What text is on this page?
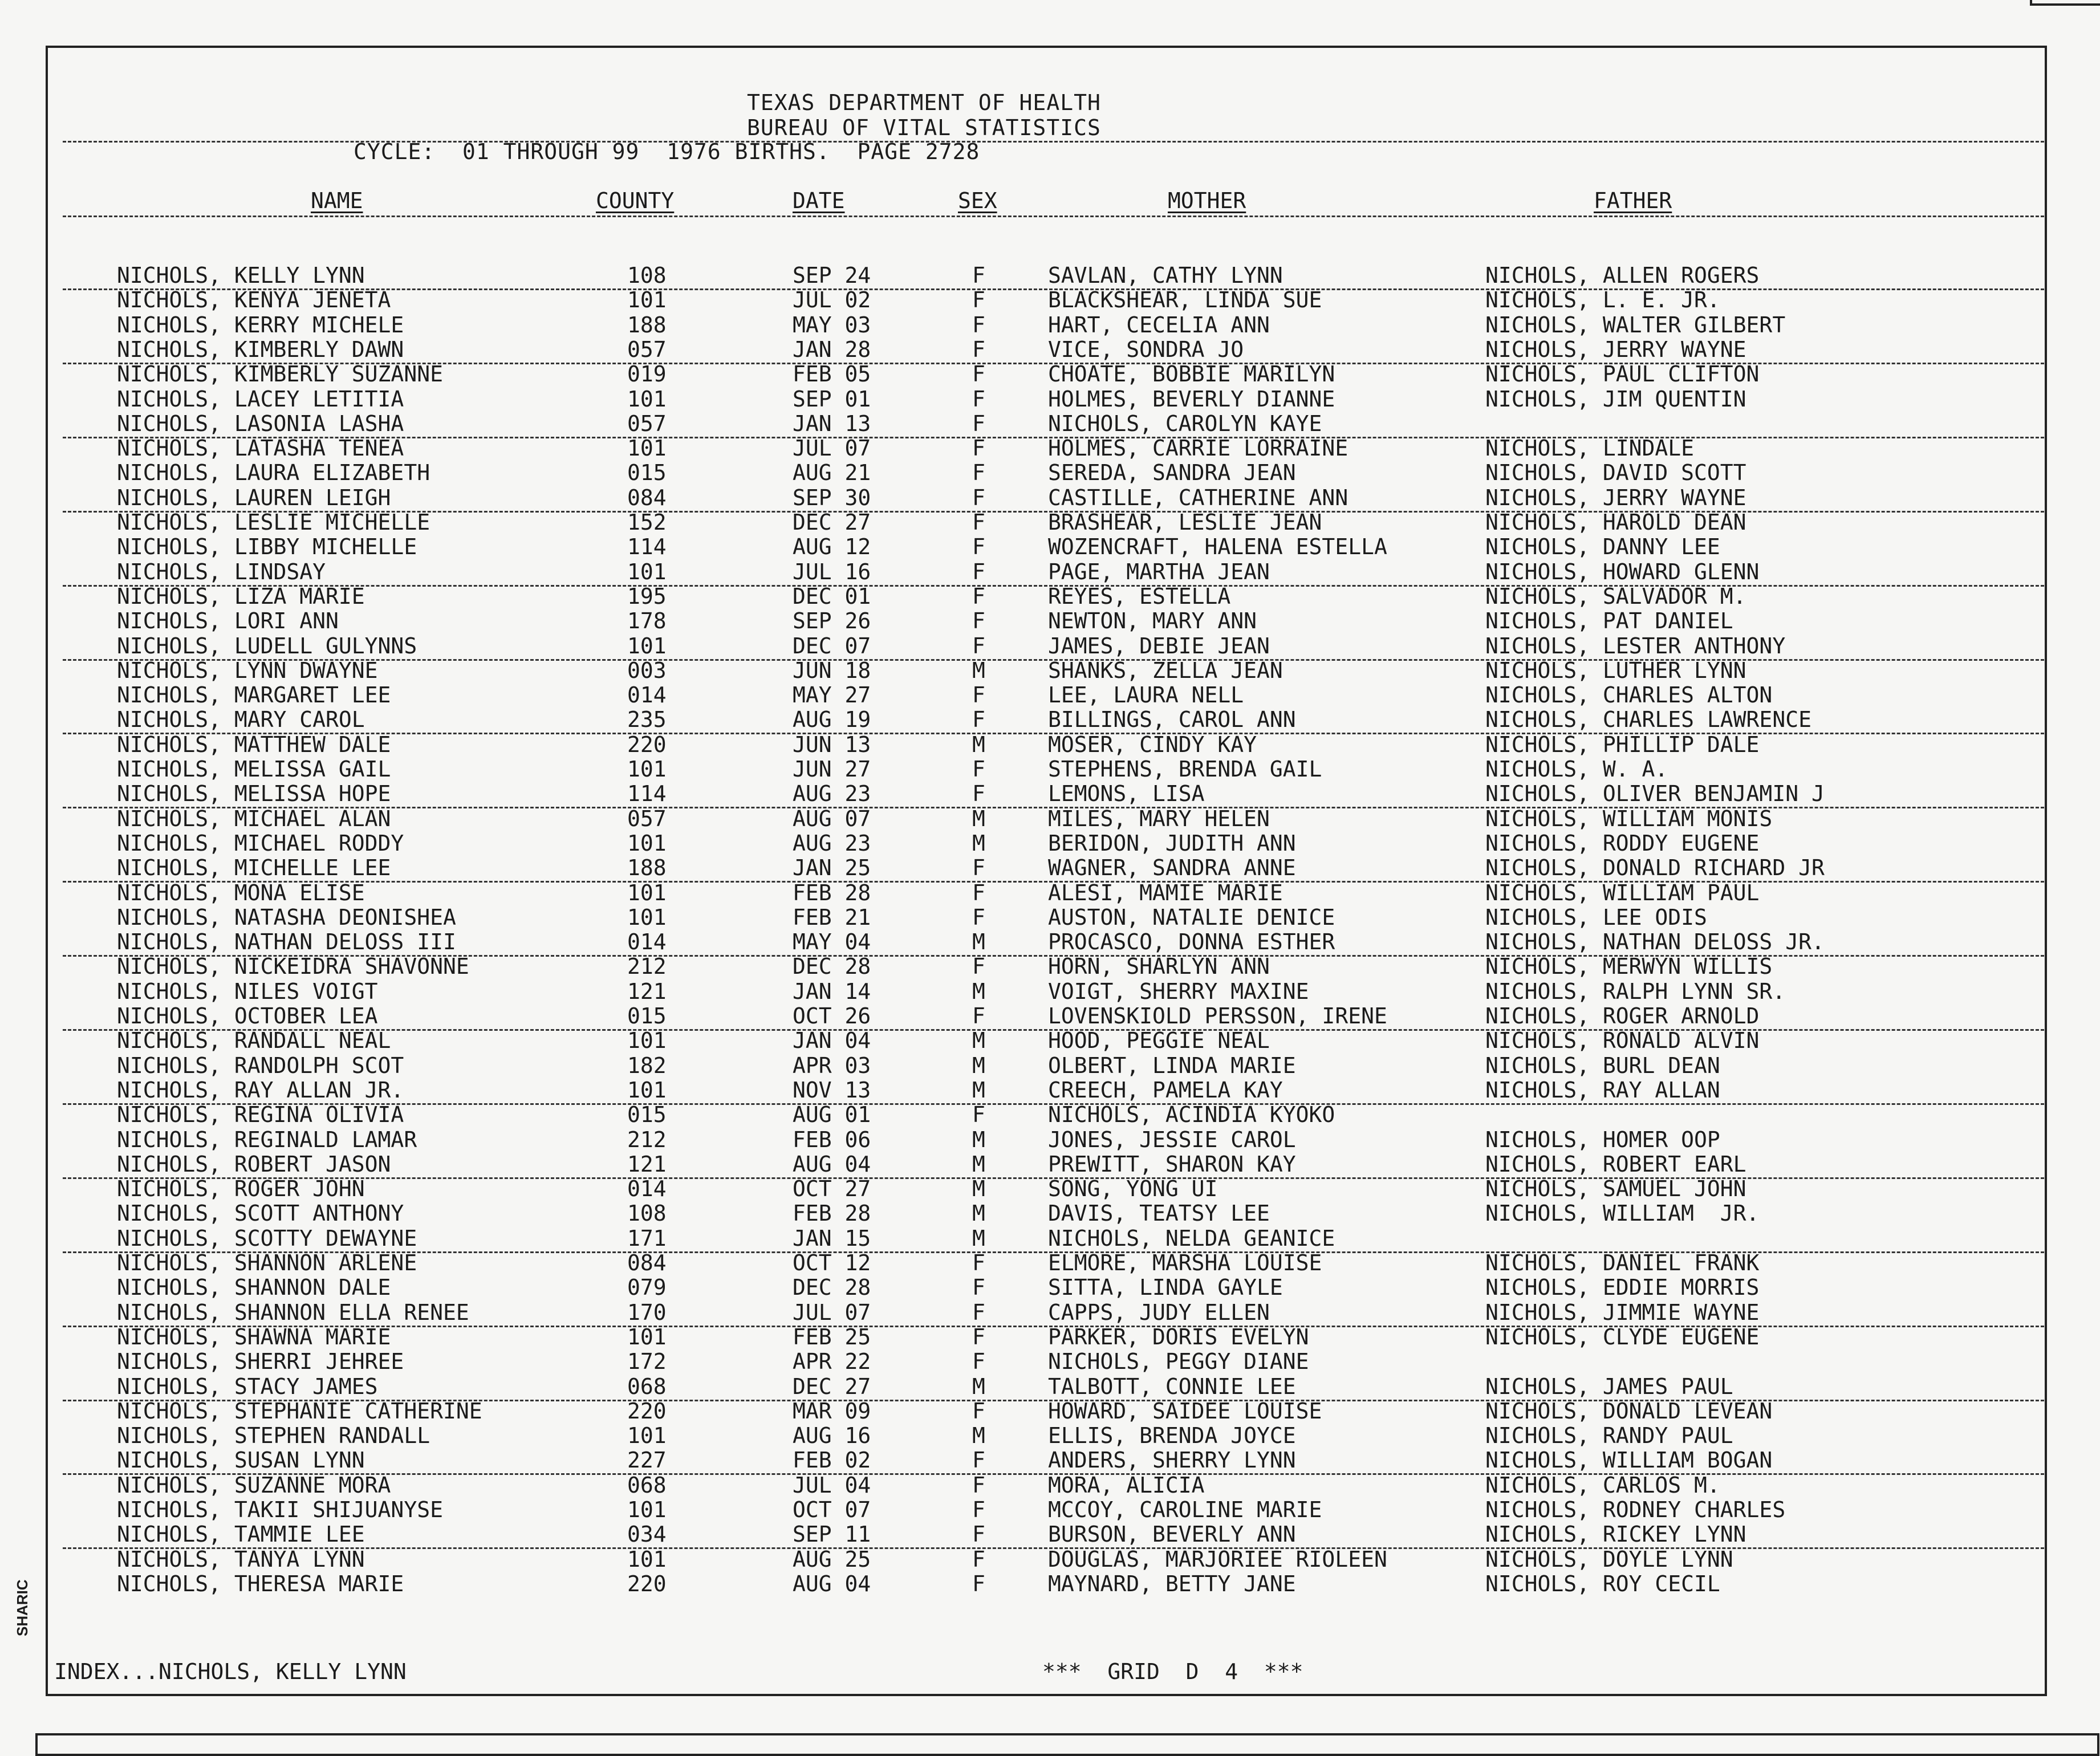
SHARIC
TEXAS DEPARTMENT OF HEALTH
BUREAU OF VITAL STATISTICS
CYCLE:  01 THROUGH 99  1976 BIRTHS.  PAGE 2728
NAME	COUNTY	DATE	SEX	MOTHER	FATHER
NICHOLS, KELLY LYNN	108	SEP 24	F	SAVLAN, CATHY LYNN	NICHOLS, ALLEN ROGERS
NICHOLS, KENYA JENETA	101	JUL 02	F	BLACKSHEAR, LINDA SUE	NICHOLS, L. E. JR.
NICHOLS, KERRY MICHELE	188	MAY 03	F	HART, CECELIA ANN	NICHOLS, WALTER GILBERT
NICHOLS, KIMBERLY DAWN	057	JAN 28	F	VICE, SONDRA JO	NICHOLS, JERRY WAYNE
NICHOLS, KIMBERLY SUZANNE	019	FEB 05	F	CHOATE, BOBBIE MARILYN	NICHOLS, PAUL CLIFTON
NICHOLS, LACEY LETITIA	101	SEP 01	F	HOLMES, BEVERLY DIANNE	NICHOLS, JIM QUENTIN
NICHOLS, LASONIA LASHA	057	JAN 13	F	NICHOLS, CAROLYN KAYE
NICHOLS, LATASHA TENEA	101	JUL 07	F	HOLMES, CARRIE LORRAINE	NICHOLS, LINDALE
NICHOLS, LAURA ELIZABETH	015	AUG 21	F	SEREDA, SANDRA JEAN	NICHOLS, DAVID SCOTT
NICHOLS, LAUREN LEIGH	084	SEP 30	F	CASTILLE, CATHERINE ANN	NICHOLS, JERRY WAYNE
NICHOLS, LESLIE MICHELLE	152	DEC 27	F	BRASHEAR, LESLIE JEAN	NICHOLS, HAROLD DEAN
NICHOLS, LIBBY MICHELLE	114	AUG 12	F	WOZENCRAFT, HALENA ESTELLA	NICHOLS, DANNY LEE
NICHOLS, LINDSAY	101	JUL 16	F	PAGE, MARTHA JEAN	NICHOLS, HOWARD GLENN
NICHOLS, LIZA MARIE	195	DEC 01	F	REYES, ESTELLA	NICHOLS, SALVADOR M.
NICHOLS, LORI ANN	178	SEP 26	F	NEWTON, MARY ANN	NICHOLS, PAT DANIEL
NICHOLS, LUDELL GULYNNS	101	DEC 07	F	JAMES, DEBIE JEAN	NICHOLS, LESTER ANTHONY
NICHOLS, LYNN DWAYNE	003	JUN 18	M	SHANKS, ZELLA JEAN	NICHOLS, LUTHER LYNN
NICHOLS, MARGARET LEE	014	MAY 27	F	LEE, LAURA NELL	NICHOLS, CHARLES ALTON
NICHOLS, MARY CAROL	235	AUG 19	F	BILLINGS, CAROL ANN	NICHOLS, CHARLES LAWRENCE
NICHOLS, MATTHEW DALE	220	JUN 13	M	MOSER, CINDY KAY	NICHOLS, PHILLIP DALE
NICHOLS, MELISSA GAIL	101	JUN 27	F	STEPHENS, BRENDA GAIL	NICHOLS, W. A.
NICHOLS, MELISSA HOPE	114	AUG 23	F	LEMONS, LISA	NICHOLS, OLIVER BENJAMIN J
NICHOLS, MICHAEL ALAN	057	AUG 07	M	MILES, MARY HELEN	NICHOLS, WILLIAM MONIS
NICHOLS, MICHAEL RODDY	101	AUG 23	M	BERIDON, JUDITH ANN	NICHOLS, RODDY EUGENE
NICHOLS, MICHELLE LEE	188	JAN 25	F	WAGNER, SANDRA ANNE	NICHOLS, DONALD RICHARD JR
NICHOLS, MONA ELISE	101	FEB 28	F	ALESI, MAMIE MARIE	NICHOLS, WILLIAM PAUL
NICHOLS, NATASHA DEONISHEA	101	FEB 21	F	AUSTON, NATALIE DENICE	NICHOLS, LEE ODIS
NICHOLS, NATHAN DELOSS III	014	MAY 04	M	PROCASCO, DONNA ESTHER	NICHOLS, NATHAN DELOSS JR.
NICHOLS, NICKEIDRA SHAVONNE	212	DEC 28	F	HORN, SHARLYN ANN	NICHOLS, MERWYN WILLIS
NICHOLS, NILES VOIGT	121	JAN 14	M	VOIGT, SHERRY MAXINE	NICHOLS, RALPH LYNN SR.
NICHOLS, OCTOBER LEA	015	OCT 26	F	LOVENSKIOLD PERSSON, IRENE	NICHOLS, ROGER ARNOLD
NICHOLS, RANDALL NEAL	101	JAN 04	M	HOOD, PEGGIE NEAL	NICHOLS, RONALD ALVIN
NICHOLS, RANDOLPH SCOT	182	APR 03	M	OLBERT, LINDA MARIE	NICHOLS, BURL DEAN
NICHOLS, RAY ALLAN JR.	101	NOV 13	M	CREECH, PAMELA KAY	NICHOLS, RAY ALLAN
NICHOLS, REGINA OLIVIA	015	AUG 01	F	NICHOLS, ACINDIA KYOKO
NICHOLS, REGINALD LAMAR	212	FEB 06	M	JONES, JESSIE CAROL	NICHOLS, HOMER OOP
NICHOLS, ROBERT JASON	121	AUG 04	M	PREWITT, SHARON KAY	NICHOLS, ROBERT EARL
NICHOLS, ROGER JOHN	014	OCT 27	M	SONG, YONG UI	NICHOLS, SAMUEL JOHN
NICHOLS, SCOTT ANTHONY	108	FEB 28	M	DAVIS, TEATSY LEE	NICHOLS, WILLIAM  JR.
NICHOLS, SCOTTY DEWAYNE	171	JAN 15	M	NICHOLS, NELDA GEANICE
NICHOLS, SHANNON ARLENE	084	OCT 12	F	ELMORE, MARSHA LOUISE	NICHOLS, DANIEL FRANK
NICHOLS, SHANNON DALE	079	DEC 28	F	SITTA, LINDA GAYLE	NICHOLS, EDDIE MORRIS
NICHOLS, SHANNON ELLA RENEE	170	JUL 07	F	CAPPS, JUDY ELLEN	NICHOLS, JIMMIE WAYNE
NICHOLS, SHAWNA MARIE	101	FEB 25	F	PARKER, DORIS EVELYN	NICHOLS, CLYDE EUGENE
NICHOLS, SHERRI JEHREE	172	APR 22	F	NICHOLS, PEGGY DIANE
NICHOLS, STACY JAMES	068	DEC 27	M	TALBOTT, CONNIE LEE	NICHOLS, JAMES PAUL
NICHOLS, STEPHANIE CATHERINE	220	MAR 09	F	HOWARD, SAIDEE LOUISE	NICHOLS, DONALD LEVEAN
NICHOLS, STEPHEN RANDALL	101	AUG 16	M	ELLIS, BRENDA JOYCE	NICHOLS, RANDY PAUL
NICHOLS, SUSAN LYNN	227	FEB 02	F	ANDERS, SHERRY LYNN	NICHOLS, WILLIAM BOGAN
NICHOLS, SUZANNE MORA	068	JUL 04	F	MORA, ALICIA	NICHOLS, CARLOS M.
NICHOLS, TAKII SHIJUANYSE	101	OCT 07	F	MCCOY, CAROLINE MARIE	NICHOLS, RODNEY CHARLES
NICHOLS, TAMMIE LEE	034	SEP 11	F	BURSON, BEVERLY ANN	NICHOLS, RICKEY LYNN
NICHOLS, TANYA LYNN	101	AUG 25	F	DOUGLAS, MARJORIEE RIOLEEN	NICHOLS, DOYLE LYNN
NICHOLS, THERESA MARIE	220	AUG 04	F	MAYNARD, BETTY JANE	NICHOLS, ROY CECIL
INDEX...NICHOLS, KELLY LYNN	***  GRID  D  4  ***
